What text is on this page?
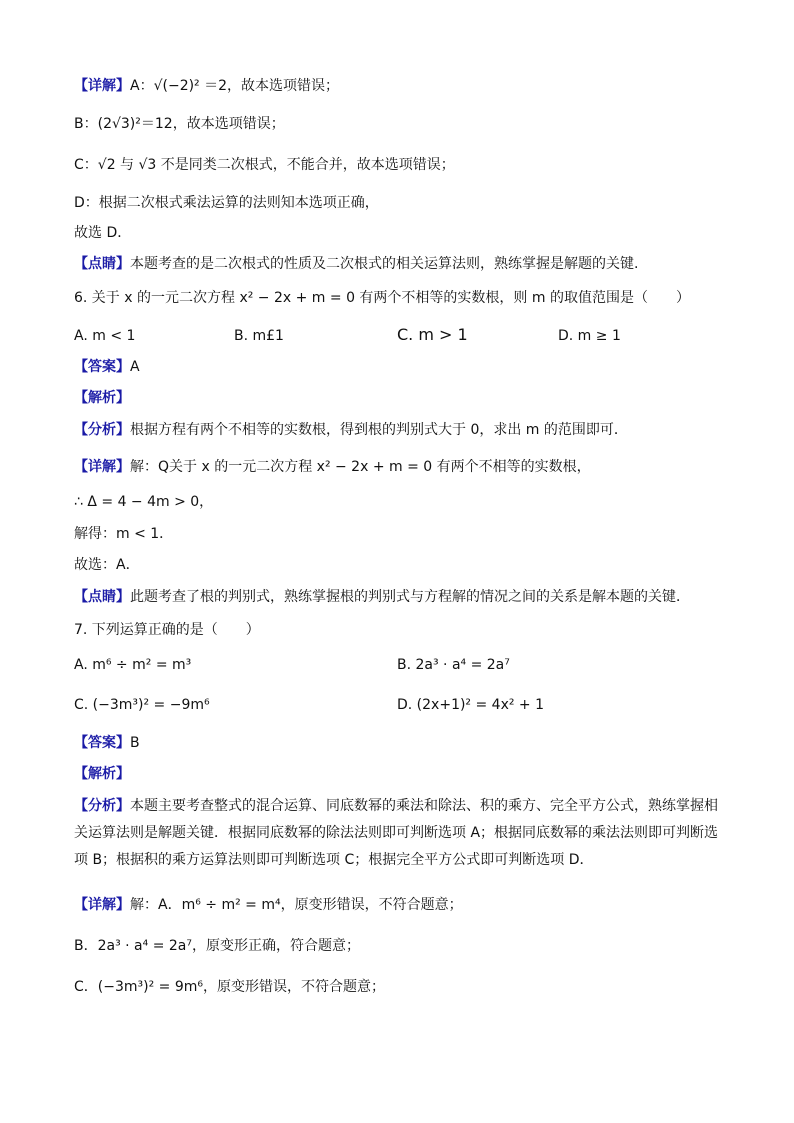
【详解】A：√(−2)² ＝2，故本选项错误；
B：(2√3)²＝12，故本选项错误；
C：√2 与 √3 不是同类二次根式，不能合并，故本选项错误；
D：根据二次根式乘法运算的法则知本选项正确，
故选 D．
【点睛】本题考查的是二次根式的性质及二次根式的相关运算法则，熟练掌握是解题的关键.
6. 关于 x 的一元二次方程 x² − 2x + m = 0 有两个不相等的实数根，则 m 的取值范围是（　　）
A. m < 1	B. m£1	C. m > 1	D. m ≥ 1
【答案】A
【解析】
【分析】根据方程有两个不相等的实数根，得到根的判别式大于 0，求出 m 的范围即可．
【详解】解：Q关于 x 的一元二次方程 x² − 2x + m = 0 有两个不相等的实数根，
∴ Δ = 4 − 4m > 0，
解得：m < 1．
故选：A．
【点睛】此题考查了根的判别式，熟练掌握根的判别式与方程解的情况之间的关系是解本题的关键．
7. 下列运算正确的是（　　）
A. m⁶ ÷ m² = m³	B. 2a³ · a⁴ = 2a⁷
C. (−3m³)² = −9m⁶	D. (2x+1)² = 4x² + 1
【答案】B
【解析】
【分析】本题主要考查整式的混合运算、同底数幂的乘法和除法、积的乘方、完全平方公式，熟练掌握相关运算法则是解题关键．根据同底数幂的除法法则即可判断选项 A；根据同底数幂的乘法法则即可判断选项 B；根据积的乘方运算法则即可判断选项 C；根据完全平方公式即可判断选项 D．
【详解】解：A．m⁶ ÷ m² = m⁴，原变形错误，不符合题意；
B．2a³ · a⁴ = 2a⁷，原变形正确，符合题意；
C．(−3m³)² = 9m⁶，原变形错误，不符合题意；
